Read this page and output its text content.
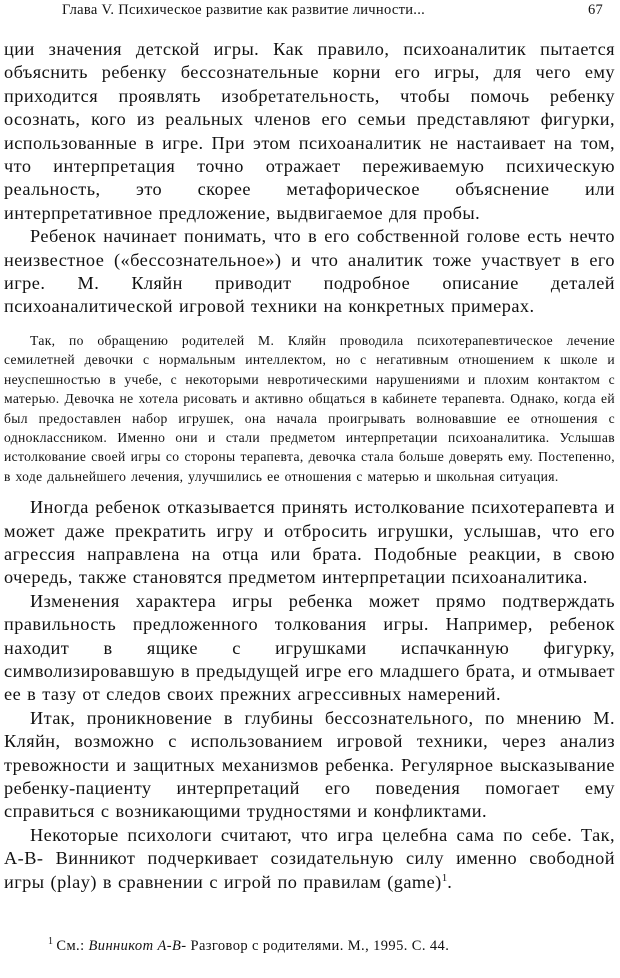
Глава V. Психическое развитие как развитие личности...	67

ции значения детской игры. Как правило, психоаналитик пытается объяснить ребенку бессознательные корни его игры, для чего ему приходится проявлять изобретательность, чтобы помочь ребенку осознать, кого из реальных членов его семьи представляют фигурки, использованные в игре. При этом психоаналитик не настаивает на том, что интерпретация точно отражает переживаемую психическую реальность, это скорее метафорическое объяснение или интерпретативное предложение, выдвигаемое для пробы.

Ребенок начинает понимать, что в его собственной голове есть нечто неизвестное («бессознательное») и что аналитик тоже участвует в его игре. М. Кляйн приводит подробное описание деталей психоаналитической игровой техники на конкретных примерах.

Так, по обращению родителей М. Кляйн проводила психотерапевтическое лечение семилетней девочки с нормальным интеллектом, но с негативным отношением к школе и неуспешностью в учебе, с некоторыми невротическими нарушениями и плохим контактом с матерью. Девочка не хотела рисовать и активно общаться в кабинете терапевта. Однако, когда ей был предоставлен набор игрушек, она начала проигрывать волновавшие ее отношения с одноклассником. Именно они и стали предметом интерпретации психоаналитика. Услышав истолкование своей игры со стороны терапевта, девочка стала больше доверять ему. Постепенно, в ходе дальнейшего лечения, улучшились ее отношения с матерью и школьная ситуация.

Иногда ребенок отказывается принять истолкование психотерапевта и может даже прекратить игру и отбросить игрушки, услышав, что его агрессия направлена на отца или брата. Подобные реакции, в свою очередь, также становятся предметом интерпретации психоаналитика.

Изменения характера игры ребенка может прямо подтверждать правильность предложенного толкования игры. Например, ребенок находит в ящике с игрушками испачканную фигурку, символизировавшую в предыдущей игре его младшего брата, и отмывает ее в тазу от следов своих прежних агрессивных намерений.

Итак, проникновение в глубины бессознательного, по мнению М. Кляйн, возможно с использованием игровой техники, через анализ тревожности и защитных механизмов ребенка. Регулярное высказывание ребенку-пациенту интерпретаций его поведения помогает ему справиться с возникающими трудностями и конфликтами.

Некоторые психологи считают, что игра целебна сама по себе. Так, А-В- Винникот подчеркивает созидательную силу именно свободной игры (play) в сравнении с игрой по правилам (game)$^1$.

$^1$ См.: Винникот А-В- Разговор с родителями. М., 1995. С. 44.
